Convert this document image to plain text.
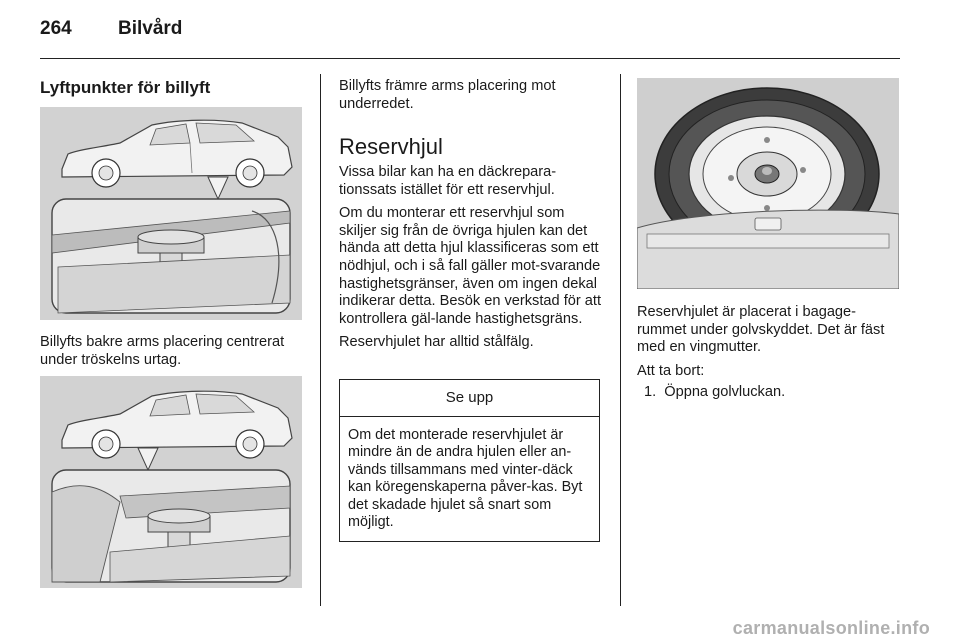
264 Bilvård
Lyftpunkter för billyft
Billyfts bakre arms placering centrerat under tröskelns urtag.
Billyfts främre arms placering mot underredet.
Reservhjul

Vissa bilar kan ha en däckrepara-tionssats istället för ett reservhjul.

Om du monterar ett reservhjul som skiljer sig från de övriga hjulen kan det hända att detta hjul klassificeras som ett nödhjul, och i så fall gäller mot-svarande hastighetsgränser, även om ingen dekal indikerar detta. Besök en verkstad för att kontrollera gäl-lande hastighetsgräns.

Reservhjulet har alltid stålfälg.

Se upp
Om det monterade reservhjulet är mindre än de andra hjulen eller an-vänds tillsammans med vinter-däck kan köregenskaperna påver-kas. Byt det skadade hjulet så snart som möjligt.

Reservhjulet är placerat i bagage-rummet under golvskyddet. Det är fäst med en vingmutter.

Att ta bort:

1. Öppna golvluckan.
carmanualsonline.info
